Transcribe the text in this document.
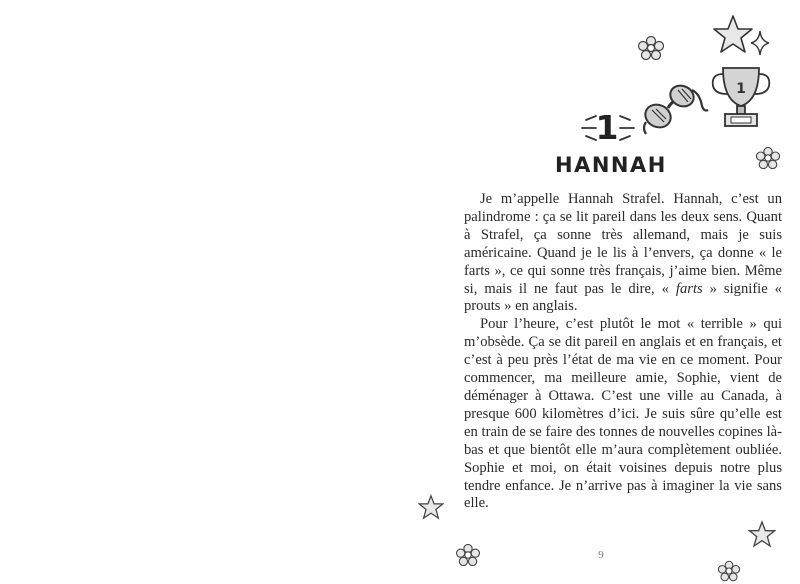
1
1
HANNAH

Je m’appelle Hannah Strafel. Hannah, c’est un palindrome : ça se lit pareil dans les deux sens. Quant à Strafel, ça sonne très allemand, mais je suis américaine. Quand je le lis à l’envers, ça donne « le farts », ce qui sonne très français, j’aime bien. Même si, mais il ne faut pas le dire, « farts » signifie « prouts » en anglais.

Pour l’heure, c’est plutôt le mot « terrible » qui m’obsède. Ça se dit pareil en anglais et en français, et c’est à peu près l’état de ma vie en ce moment. Pour commencer, ma meilleure amie, Sophie, vient de déménager à Ottawa. C’est une ville au Canada, à presque 600 kilomètres d’ici. Je suis sûre qu’elle est en train de se faire des tonnes de nouvelles copines là-bas et que bientôt elle m’aura complètement oubliée. Sophie et moi, on était voisines depuis notre plus tendre enfance. Je n’arrive pas à imaginer la vie sans elle.

9
